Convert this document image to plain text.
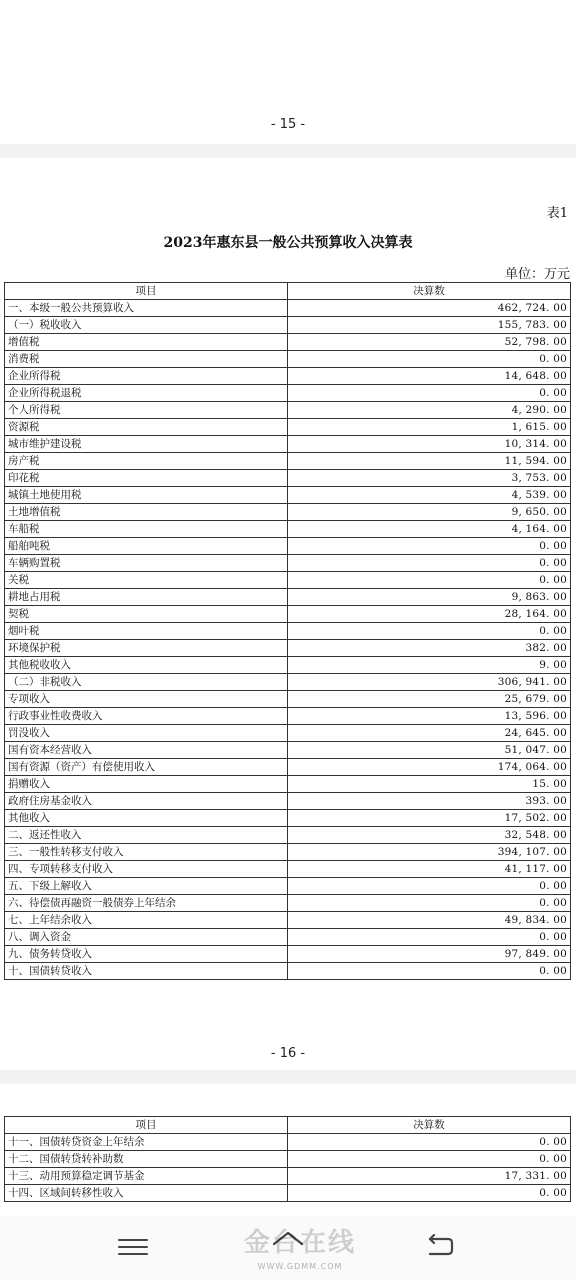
- 15 -
表1
2023年惠东县一般公共预算收入决算表
单位：万元
项目	决算数
一、本级一般公共预算收入	462, 724. 00
（一）税收收入	155, 783. 00
增值税	52, 798. 00
消费税	0. 00
企业所得税	14, 648. 00
企业所得税退税	0. 00
个人所得税	4, 290. 00
资源税	1, 615. 00
城市维护建设税	10, 314. 00
房产税	11, 594. 00
印花税	3, 753. 00
城镇土地使用税	4, 539. 00
土地增值税	9, 650. 00
车船税	4, 164. 00
船舶吨税	0. 00
车辆购置税	0. 00
关税	0. 00
耕地占用税	9, 863. 00
契税	28, 164. 00
烟叶税	0. 00
环境保护税	382. 00
其他税收收入	9. 00
（二）非税收入	306, 941. 00
专项收入	25, 679. 00
行政事业性收费收入	13, 596. 00
罚没收入	24, 645. 00
国有资本经营收入	51, 047. 00
国有资源（资产）有偿使用收入	174, 064. 00
捐赠收入	15. 00
政府住房基金收入	393. 00
其他收入	17, 502. 00
二、返还性收入	32, 548. 00
三、一般性转移支付收入	394, 107. 00
四、专项转移支付收入	41, 117. 00
五、下级上解收入	0. 00
六、待偿债再融资一般债券上年结余	0. 00
七、上年结余收入	49, 834. 00
八、调入资金	0. 00
九、债务转贷收入	97, 849. 00
十、国债转贷收入	0. 00
- 16 -
项目	决算数
十一、国债转贷资金上年结余	0. 00
十二、国债转贷转补助数	0. 00
十三、动用预算稳定调节基金	17, 331. 00
十四、区域间转移性收入	0. 00
金台在线
WWW.GDMM.COM
